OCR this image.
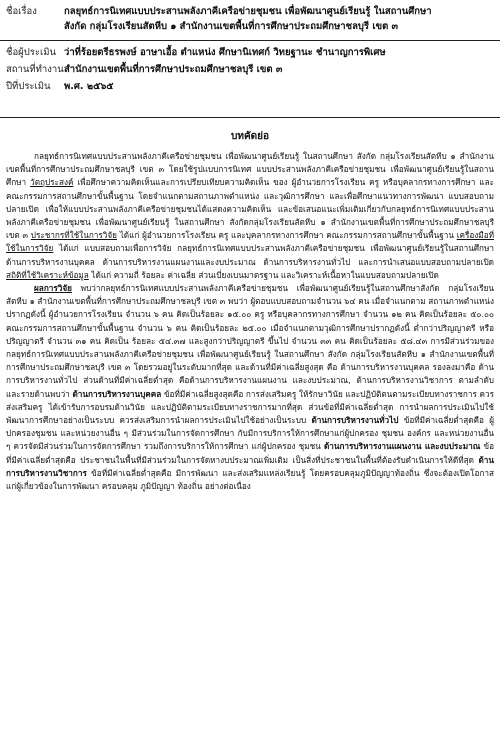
ชื่อเรื่อง	กลยุทธ์การนิเทศแบบประสานพลังภาคีเครือข่ายชุมชน เพื่อพัฒนาศูนย์เรียนรู้ ในสถานศึกษา
สังกัด กลุ่มโรงเรียนสัตหีบ ๑ สำนักงานเขตพื้นที่การศึกษาประถมศึกษาชลบุรี เขต ๓
ชื่อผู้ประเมิน ว่าที่ร้อยตรีธรพงษ์ อาษาเอื้อ ตำแหน่ง ศึกษานิเทศก์ วิทยฐานะ ชำนาญการพิเศษ
สถานที่ทำงาน สำนักงานเขตพื้นที่การศึกษาประถมศึกษาชลบุรี เขต ๓
ปีที่ประเมิน	พ.ศ. ๒๕๖๕
บทคัดย่อ

กลยุทธ์การนิเทศแบบประสานพลังภาคีเครือข่ายชุมชน เพื่อพัฒนาศูนย์เรียนรู้ ในสถานศึกษา สังกัด กลุ่มโรงเรียนสัตหีบ ๑ สำนักงานเขตพื้นที่การศึกษาประถมศึกษาชลบุรี เขต ๓ โดยใช้รูปแบบการนิเทศ แบบประสานพลังภาคีเครือข่ายชุมชน เพื่อพัฒนาศูนย์เรียนรู้ในสถานศึกษา วัตถุประสงค์ เพื่อศึกษาความคิดเห็นและการเปรียบเทียบความคิดเห็น ของ ผู้อำนวยการโรงเรียน ครู หรือบุคลากรทางการศึกษา และคณะกรรมการสถานศึกษาขั้นพื้นฐาน โดยจำแนกตามสถานภาพตำแหน่ง และวุฒิการศึกษา และเพื่อศึกษาแนวทางการพัฒนา แบบสอบถามปลายเปิด เพื่อให้แบบประสานพลังภาคีเครือข่ายชุมชนได้แสดงความคิดเห็น และข้อเสนอแนะเพิ่มเติมเกี่ยวกับกลยุทธ์การนิเทศแบบประสานพลังภาคีเครือข่ายชุมชน เพื่อพัฒนาศูนย์เรียนรู้ ในสถานศึกษา สังกัดกลุ่มโรงเรียนสัตหีบ ๑ สำนักงานเขตพื้นที่การศึกษาประถมศึกษาชลบุรี เขต ๓ ประชากรที่ใช้ในการวิจัย ได้แก่ ผู้อำนวยการโรงเรียน ครู และบุคลากรทางการศึกษา คณะกรรมการสถานศึกษาขั้นพื้นฐาน เครื่องมือที่ใช้ในการวิจัย ได้แก่ แบบสอบถามเพื่อการวิจัย กลยุทธ์การนิเทศแบบประสานพลังภาคีเครือข่ายชุมชน เพื่อพัฒนาศูนย์เรียนรู้ในสถานศึกษา ด้านการบริหารงานบุคคล ด้านการบริหารงานแผนงานและงบประมาณ ด้านการบริหารงานทั่วไป และการนำเสนอแบบสอบถามปลายเปิด สถิติที่ใช้วิเคราะห์ข้อมูล ได้แก่ ความถี่ ร้อยละ ค่าเฉลี่ย ส่วนเบี่ยงเบนมาตรฐาน และวิเคราะห์เนื้อหาในแบบสอบถามปลายเปิด

ผลการวิจัย พบว่ากลยุทธ์การนิเทศแบบประสานพลังภาคีเครือข่ายชุมชน เพื่อพัฒนาศูนย์เรียนรู้ในสถานศึกษาสังกัด กลุ่มโรงเรียนสัตหีบ ๑ สำนักงานเขตพื้นที่การศึกษาประถมศึกษาชลบุรี เขต ๓ พบว่า ผู้ตอบแบบสอบถามจำนวน ๖๔ คน เมื่อจำแนกตาม สถานภาพตำแหน่งปรากฏดังนี้ ผู้อำนวยการโรงเรียน จำนวน ๖ คน คิดเป็นร้อยละ ๑๕.๐๐ ครู หรือบุคลากรทางการศึกษา จำนวน ๑๒ คน คิดเป็นร้อยละ ๕๐.๐๐ คณะกรรมการสถานศึกษาขั้นพื้นฐาน จำนวน ๖ คน คิดเป็นร้อยละ ๒๕.๐๐ เมื่อจำแนกตามวุฒิการศึกษาปรากฏดังนี้ ต่ำกว่าปริญญาตรี หรือปริญญาตรี จำนวน ๓๑ คน คิดเป็น ร้อยละ ๕๔.๓๗ และสูงกว่าปริญญาตรี ขึ้นไป จำนวน ๓๓ คน คิดเป็นร้อยละ ๕๘.๔๓ การมีส่วนร่วมของ กลยุทธ์การนิเทศแบบประสานพลังภาคีเครือข่ายชุมชน เพื่อพัฒนาศูนย์เรียนรู้ ในสถานศึกษา สังกัด กลุ่มโรงเรียนสัตหีบ ๑ สำนักงานเขตพื้นที่การศึกษาประถมศึกษาชลบุรี เขต ๓ โดยรวมอยู่ในระดับมากที่สุด และด้านที่มีค่าเฉลี่ยสูงสุด คือ ด้านการบริหารงานบุคคล รองลงมาคือ ด้านการบริหารงานทั่วไป ส่วนด้านที่มีค่าเฉลี่ยต่ำสุด คือด้านการบริหารงานแผนงาน และงบประมาณ, ด้านการบริหารงานวิชาการ ตามลำดับ และรายด้านพบว่า ด้านการบริหารงานบุคคล ข้อที่มีค่าเฉลี่ยสูงสุดคือ การส่งเสริมครู ให้รักษาวินัย และปฏิบัติตนตามระเบียบทางราชการ ควรส่งเสริมครู ได้เข้ารับการอบรมด้านวินัย และปฏิบัติตามระเบียบทางราชการมากที่สุด ส่วนข้อที่มีค่าเฉลี่ยต่ำสุด การนำผลการประเมินไปใช้พัฒนาการศึกษาอย่างเป็นระบบ ควรส่งเสริมการนำผลการประเมินไปใช้อย่างเป็นระบบ ด้านการบริหารงานทั่วไป ข้อที่มีค่าเฉลี่ยต่ำสุดคือ ผู้ปกครองชุมชน และหน่วยงานอื่น ๆ มีส่วนร่วมในการจัดการศึกษา กับมีการบริการให้การศึกษาแก่ผู้ปกครอง ชุมชน องค์กร และหน่วยงานอื่น ๆ ควรจัดมีส่วนร่วมในการจัดการศึกษา รวมถึงการบริการให้การศึกษา แก่ผู้ปกครอง ชุมชน ด้านการบริหารงานแผนงาน และงบประมาณ ข้อที่มีค่าเฉลี่ยต่ำสุดคือ ประชาชนในพื้นที่มีส่วนร่วมในการจัดหางบประมาณเพิ่มเติม เป็นสิ่งที่ประชาชนในพื้นที่ต้องรับดำเนินการให้ดีที่สุด ด้านการบริหารงานวิชาการ ข้อที่มีค่าเฉลี่ยต่ำสุดคือ มีการพัฒนา และส่งเสริมแหล่งเรียนรู้ โดยครอบคลุมภูมิปัญญาท้องถิ่น ซึ่งจะต้องเปิดโอกาสแก่ผู้เกี่ยวข้องในการพัฒนา ครอบคลุม ภูมิปัญญา ท้องถิ่น อย่างต่อเนื่อง
